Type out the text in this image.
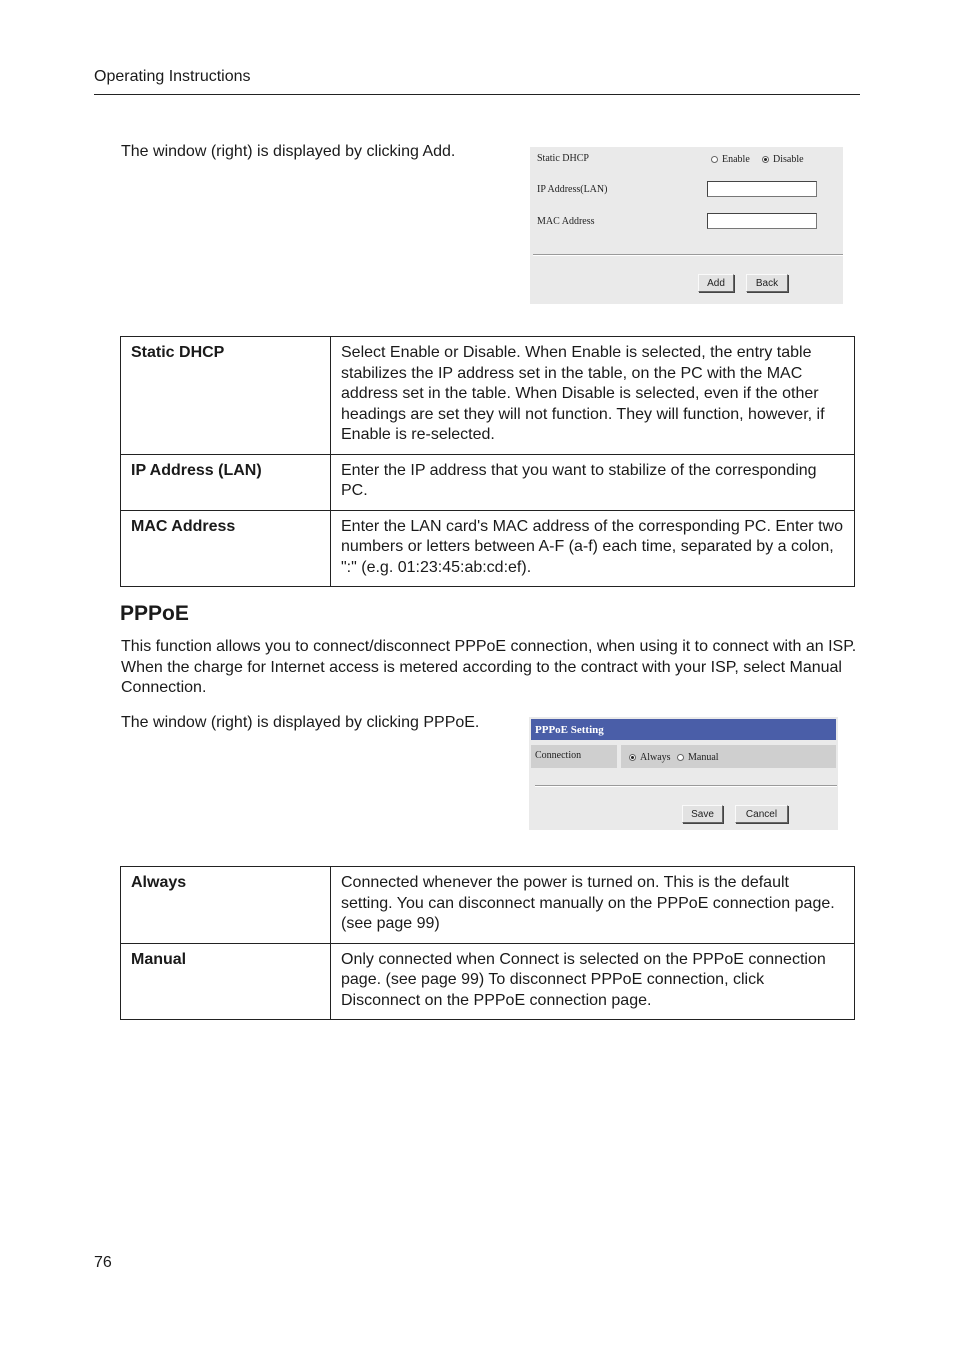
Operating Instructions
The window (right) is displayed by clicking Add.	Static DHCP	Enable Disable
IP Address(LAN)
MAC Address
Add	Back
Static DHCP	Select Enable or Disable. When Enable is selected, the entry table stabilizes the IP address set in the table, on the PC with the MAC address set in the table. When Disable is selected, even if the other headings are set they will not function. They will function, however, if Enable is re-selected.
IP Address (LAN)	Enter the IP address that you want to stabilize of the corresponding PC.
MAC Address	Enter the LAN card's MAC address of the corresponding PC. Enter two numbers or letters between A-F (a-f) each time, separated by a colon, ":" (e.g. 01:23:45:ab:cd:ef).
PPPoE
This function allows you to connect/disconnect PPPoE connection, when using it to connect with an ISP. When the charge for Internet access is metered according to the contract with your ISP, select Manual Connection.
The window (right) is displayed by clicking PPPoE.	PPPoE Setting
Connection	Always Manual
Save	Cancel
Always	Connected whenever the power is turned on. This is the default setting. You can disconnect manually on the PPPoE connection page. (see page 99)
Manual	Only connected when Connect is selected on the PPPoE connection page. (see page 99) To disconnect PPPoE connection, click Disconnect on the PPPoE connection page.
76
